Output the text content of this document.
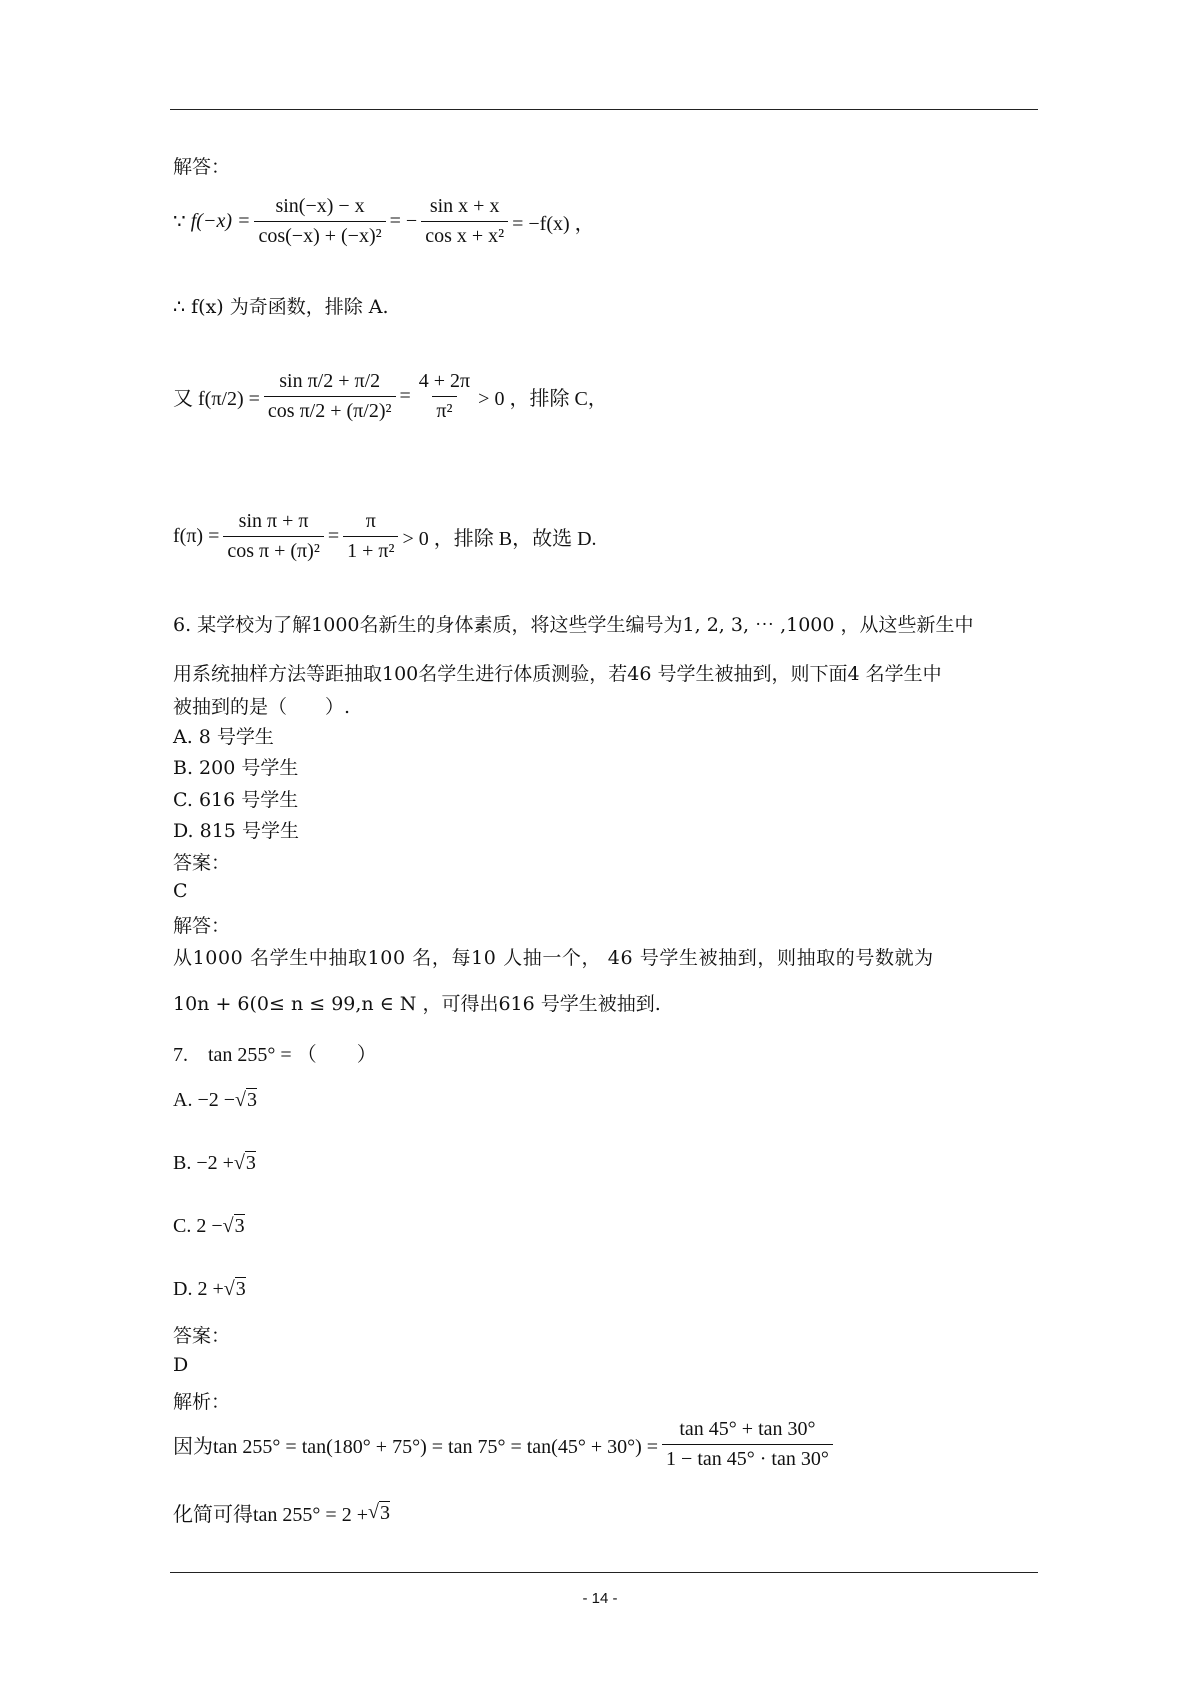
解答：
∵
$f(-x) = \frac{\sin(-x) - x}{\text{cos(−x) + (−x)²}}$ = − $\frac{\text{sin x + x}}{\text{cos x + x²}} = -f(x)$ ，
∴ f(x) 为奇函数，排除 A.
又 $f(\pi/2) = \frac{\text{sin π/2 + π/2}}{\text{cos π/2 + (π/2)²}} = \frac{4 + 2\pi}{\text{π²}} > 0$ ，排除 C，
$f(\pi) = \frac{\text{sin π + π}}{\text{cos π + (π)²}} = \frac{\pi}{\text{1 + π²}} > 0$ ，排除 B，故选 D.
6. 某学校为了解1000名新生的身体素质，将这些学生编号为1, 2, 3, ⋯ ,1000 ，从这些新生中
用系统抽样方法等距抽取100名学生进行体质测验，若46 号学生被抽到，则下面4 名学生中
被抽到的是（　　）.
A. 8 号学生
B. 200 号学生
C. 616 号学生
D. 815 号学生
答案：
C
解答：
从1000 名学生中抽取100 名，每10 人抽一个， 46 号学生被抽到，则抽取的号数就为
10n + 6(0≤ n ≤ 99,n ∈ N ，可得出616 号学生被抽到.
7.　tan 255° = （　　）
A.
−2 − √ 3
B.
−2 + √ 3
C.
2 − √ 3
D.
2 + √ 3
答案：
D
解析：
因为$\tan 255^\circ = \tan(180^\circ + 75^\circ) = \tan 75^\circ = \tan(45^\circ + 30^\circ) = \frac{\tan 45^\circ + \tan 30^\circ}{1 - \tan 45^\circ \cdot \tan 30^\circ}$
化简可得tan 255° = 2 + √ 3
- 14 -
